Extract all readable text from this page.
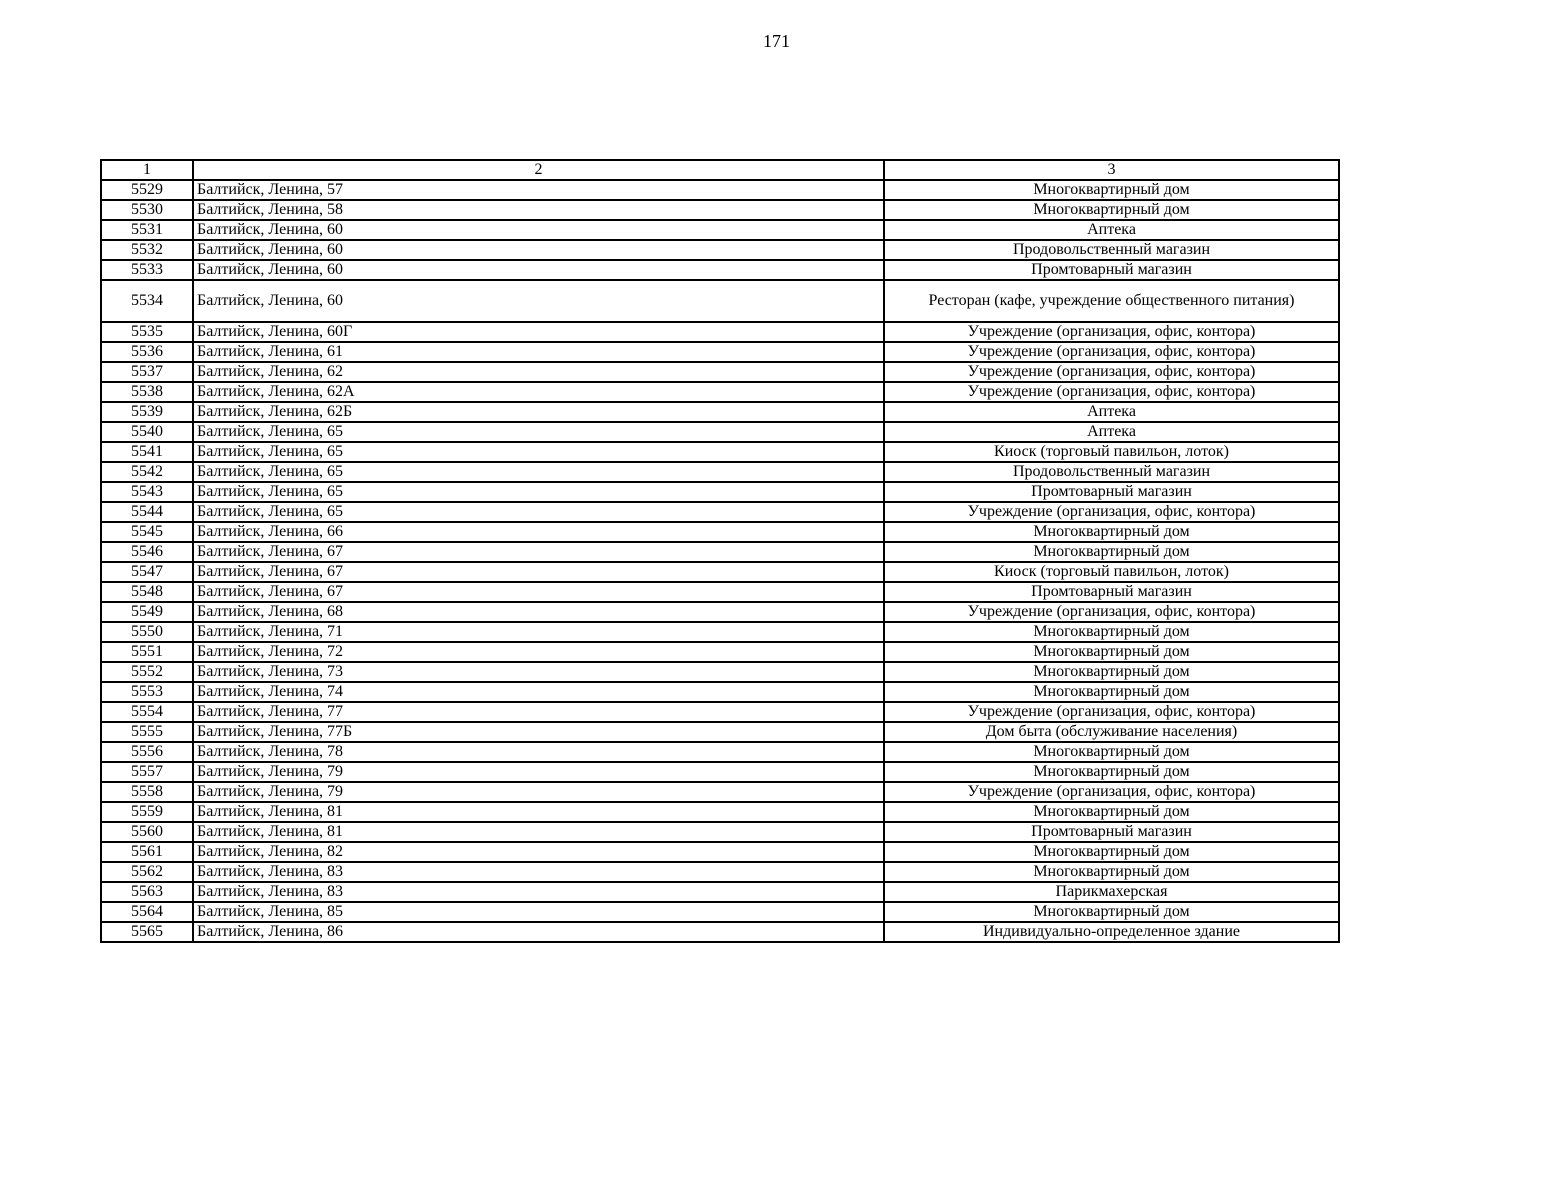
171
1	2	3
5529	Балтийск, Ленина, 57	Многоквартирный дом
5530	Балтийск, Ленина, 58	Многоквартирный дом
5531	Балтийск, Ленина, 60	Аптека
5532	Балтийск, Ленина, 60	Продовольственный магазин
5533	Балтийск, Ленина, 60	Промтоварный магазин
5534	Балтийск, Ленина, 60	Ресторан (кафе, учреждение общественного питания)
5535	Балтийск, Ленина, 60Г	Учреждение (организация, офис, контора)
5536	Балтийск, Ленина, 61	Учреждение (организация, офис, контора)
5537	Балтийск, Ленина, 62	Учреждение (организация, офис, контора)
5538	Балтийск, Ленина, 62А	Учреждение (организация, офис, контора)
5539	Балтийск, Ленина, 62Б	Аптека
5540	Балтийск, Ленина, 65	Аптека
5541	Балтийск, Ленина, 65	Киоск (торговый павильон, лоток)
5542	Балтийск, Ленина, 65	Продовольственный магазин
5543	Балтийск, Ленина, 65	Промтоварный магазин
5544	Балтийск, Ленина, 65	Учреждение (организация, офис, контора)
5545	Балтийск, Ленина, 66	Многоквартирный дом
5546	Балтийск, Ленина, 67	Многоквартирный дом
5547	Балтийск, Ленина, 67	Киоск (торговый павильон, лоток)
5548	Балтийск, Ленина, 67	Промтоварный магазин
5549	Балтийск, Ленина, 68	Учреждение (организация, офис, контора)
5550	Балтийск, Ленина, 71	Многоквартирный дом
5551	Балтийск, Ленина, 72	Многоквартирный дом
5552	Балтийск, Ленина, 73	Многоквартирный дом
5553	Балтийск, Ленина, 74	Многоквартирный дом
5554	Балтийск, Ленина, 77	Учреждение (организация, офис, контора)
5555	Балтийск, Ленина, 77Б	Дом быта (обслуживание населения)
5556	Балтийск, Ленина, 78	Многоквартирный дом
5557	Балтийск, Ленина, 79	Многоквартирный дом
5558	Балтийск, Ленина, 79	Учреждение (организация, офис, контора)
5559	Балтийск, Ленина, 81	Многоквартирный дом
5560	Балтийск, Ленина, 81	Промтоварный магазин
5561	Балтийск, Ленина, 82	Многоквартирный дом
5562	Балтийск, Ленина, 83	Многоквартирный дом
5563	Балтийск, Ленина, 83	Парикмахерская
5564	Балтийск, Ленина, 85	Многоквартирный дом
5565	Балтийск, Ленина, 86	Индивидуально-определенное здание
